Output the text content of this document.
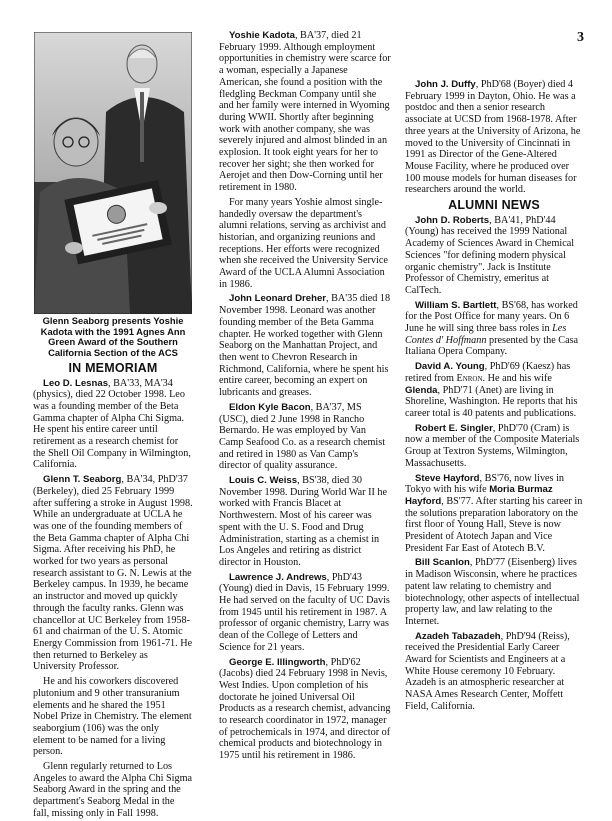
3
Glenn Seaborg presents Yoshie Kadota with the 1991 Agnes Ann Green Award of the Southern California Section of the ACS
IN MEMORIAM

Leo D. Lesnas, BA'33, MA'34 (physics), died 22 October 1998. Leo was a founding member of the Beta Gamma chapter of Alpha Chi Sigma. He spent his entire career until retirement as a research chemist for the Shell Oil Company in Wilmington, California.

Glenn T. Seaborg, BA'34, PhD'37 (Berkeley), died 25 February 1999 after suffering a stroke in August 1998. While an undergraduate at UCLA he was one of the founding members of the Beta Gamma chapter of Alpha Chi Sigma. After receiving his PhD, he worked for two years as personal research assistant to G. N. Lewis at the Berkeley campus. In 1939, he became an instructor and moved up quickly through the faculty ranks. Glenn was chancellor at UC Berkeley from 1958-61 and chairman of the U. S. Atomic Energy Commission from 1961-71. He then returned to Berkeley as University Professor.

He and his coworkers discovered plutonium and 9 other transuranium elements and he shared the 1951 Nobel Prize in Chemistry. The element seaborgium (106) was the only element to be named for a living person.

Glenn regularly returned to Los Angeles to award the Alpha Chi Sigma Seaborg Award in the spring and the department's Seaborg Medal in the fall, missing only in Fall 1998.

Yoshie Kadota, BA'37, died 21 February 1999. Although employment opportunities in chemistry were scarce for a woman, especially a Japanese American, she found a position with the fledgling Beckman Company until she and her family were interned in Wyoming during WWII. Shortly after beginning work with another company, she was severely injured and almost blinded in an explosion. It took eight years for her to recover her sight; she then worked for Aerojet and then Dow-Corning until her retirement in 1980.

For many years Yoshie almost single-handedly oversaw the department's alumni relations, serving as archivist and historian, and organizing reunions and receptions. Her efforts were recognized when she received the University Service Award of the UCLA Alumni Association in 1986.

John Leonard Dreher, BA'35 died 18 November 1998. Leonard was another founding member of the Beta Gamma chapter. He worked together with Glenn Seaborg on the Manhattan Project, and then went to Chevron Research in Richmond, California, where he spent his entire career, becoming an expert on lubricants and greases.

Eldon Kyle Bacon, BA'37, MS (USC), died 2 June 1998 in Rancho Bernardo. He was employed by Van Camp Seafood Co. as a research chemist and retired in 1980 as Van Camp's director of quality assurance.

Louis C. Weiss, BS'38, died 30 November 1998. During World War II he worked with Francis Blacet at Northwestern. Most of his career was spent with the U. S. Food and Drug Administration, starting as a chemist in Los Angeles and retiring as district director in Houston.

Lawrence J. Andrews, PhD'43 (Young) died in Davis, 15 February 1999. He had served on the faculty of UC Davis from 1945 until his retirement in 1987. A professor of organic chemistry, Larry was dean of the College of Letters and Science for 21 years.

George E. Illingworth, PhD'62 (Jacobs) died 24 February 1998 in Nevis, West Indies. Upon completion of his doctorate he joined Universal Oil Products as a research chemist, advancing to research coordinator in 1972, manager of petrochemicals in 1974, and director of chemical products and biotechnology in 1975 until his retirement in 1986.

John J. Duffy, PhD'68 (Boyer) died 4 February 1999 in Dayton, Ohio. He was a postdoc and then a senior research associate at UCSD from 1968-1978. After three years at the University of Arizona, he moved to the University of Cincinnati in 1991 as Director of the Gene-Altered Mouse Facility, where he produced over 100 mouse models for human diseases for researchers around the world.

ALUMNI NEWS

John D. Roberts, BA'41, PhD'44 (Young) has received the 1999 National Academy of Sciences Award in Chemical Sciences "for defining modern physical organic chemistry". Jack is Institute Professor of Chemistry, emeritus at CalTech.

William S. Bartlett, BS'68, has worked for the Post Office for many years. On 6 June he will sing three bass roles in Les Contes d' Hoffmann presented by the Casa Italiana Opera Company.

David A. Young, PhD'69 (Kaesz) has retired from Enron. He and his wife Glenda, PhD'71 (Anet) are living in Shoreline, Washington. He reports that his career total is 40 patents and publications.

Robert E. Singler, PhD'70 (Cram) is now a member of the Composite Materials Group at Textron Systems, Wilmington, Massachusetts.

Steve Hayford, BS'76, now lives in Tokyo with his wife Moria Burmaz Hayford, BS'77. After starting his career in the solutions preparation laboratory on the first floor of Young Hall, Steve is now President of Atotech Japan and Vice President Far East of Atotech B.V.

Bill Scanlon, PhD'77 (Eisenberg) lives in Madison Wisconsin, where he practices patent law relating to chemistry and biotechnology, other aspects of intellectual property law, and law relating to the Internet.

Azadeh Tabazadeh, PhD'94 (Reiss), received the Presidential Early Career Award for Scientists and Engineers at a White House ceremony 10 February. Azadeh is an atmospheric researcher at NASA Ames Research Center, Moffett Field, California.
